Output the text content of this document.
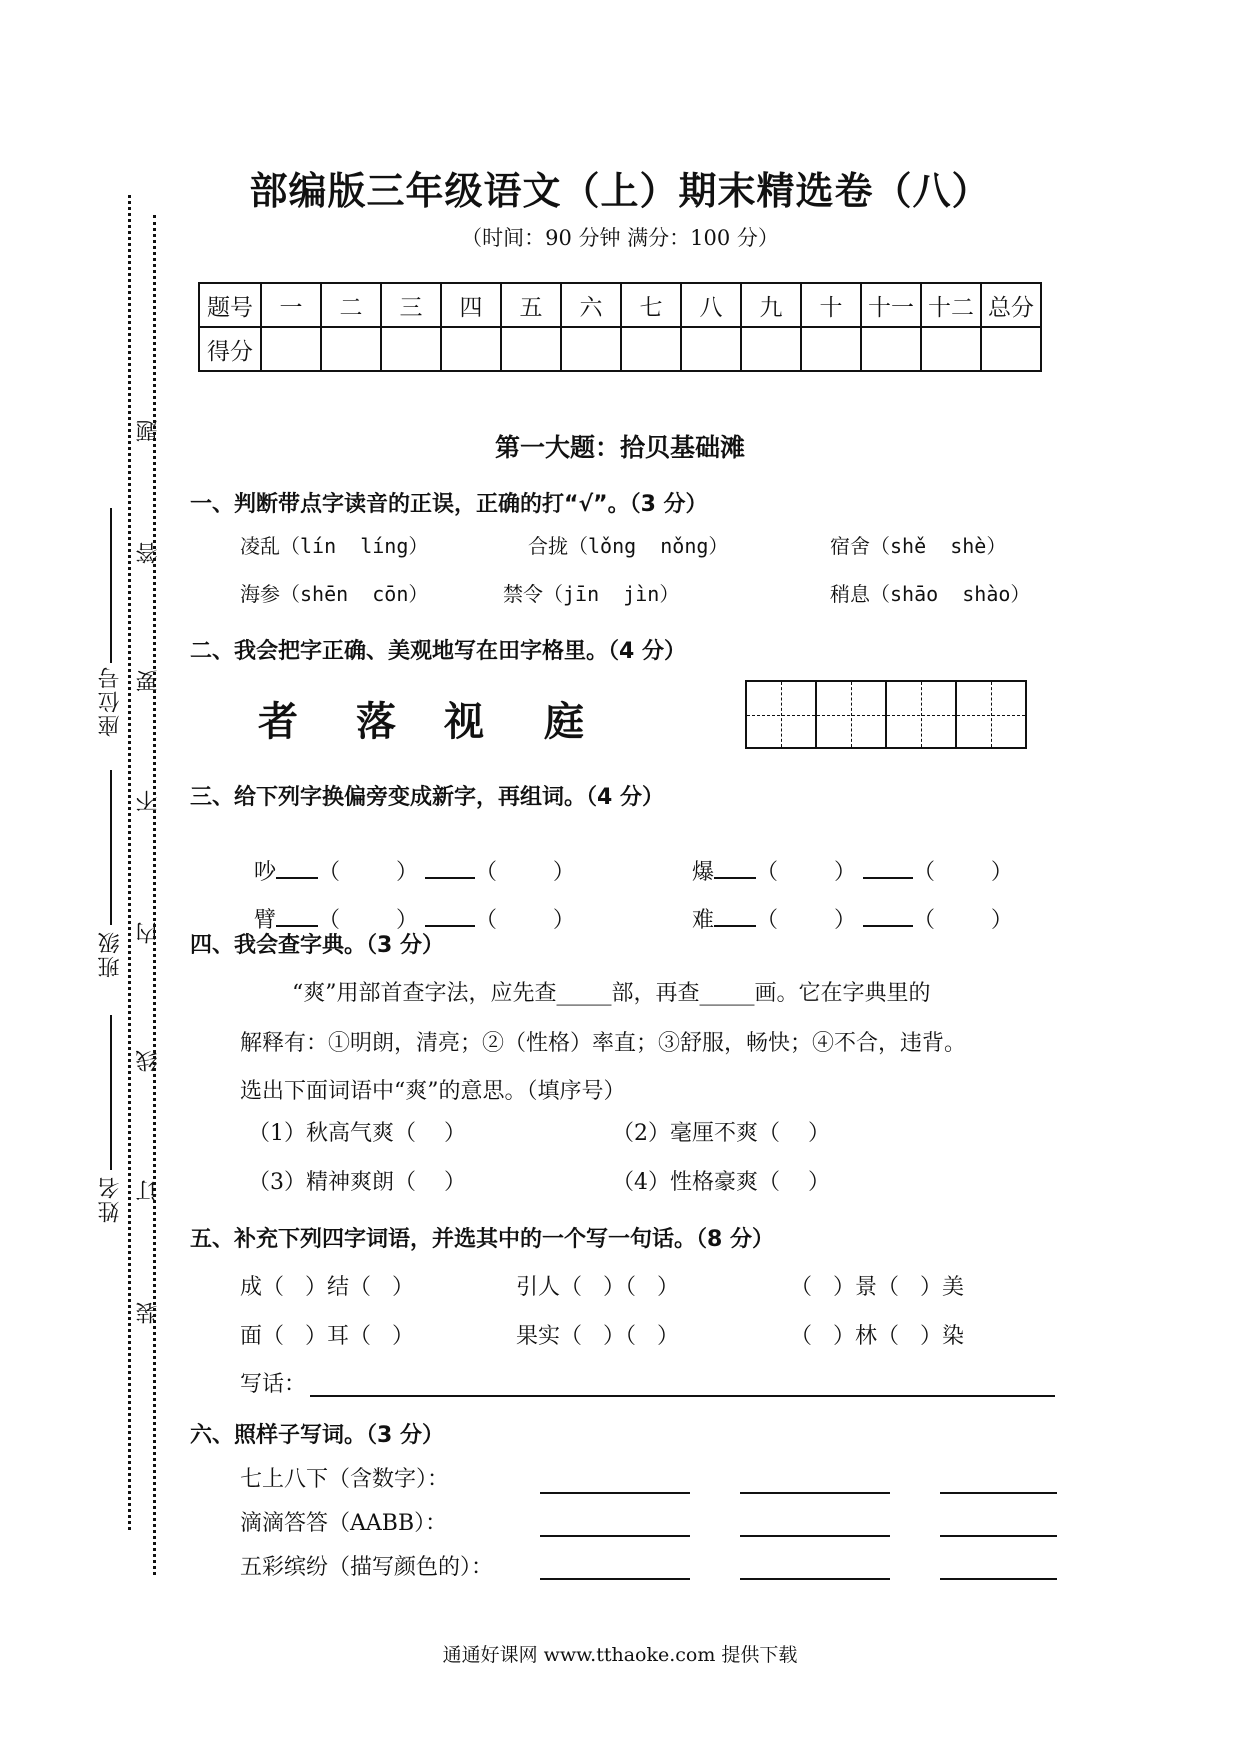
题
答
要
不
内
线
订
装
座位号
班级
姓名
部编版三年级语文（上）期末精选卷（八）
（时间：90 分钟 满分：100 分）
题号	一	二	三	四	五	六	七	八	九	十	十一	十二	总分
得分													
第一大题：拾贝基础滩
一、判断带点字读音的正误，正确的打“√”。（3 分）
凌乱（lín  líng）	合拢（lǒng  nǒng）	宿舍（shě  shè）
海参（shēn  cōn）	禁令（jīn  jìn）	稍息（shāo  shào）
二、我会把字正确、美观地写在田字格里。（4 分）
者 落 视 庭
三、给下列字换偏旁变成新字，再组词。（4 分）

吵 （        ） （        ）	爆 （        ） （        ）

臂 （        ） （        ）	难 （        ） （        ）

四、我会查字典。（3 分）
“爽”用部首查字法，应先查_____部，再查_____画。它在字典里的
解释有：①明朗，清亮；②（性格）率直；③舒服，畅快；④不合，违背。
选出下面词语中“爽”的意思。（填序号）
（1）秋高气爽（    ）	（2）毫厘不爽（    ）
（3）精神爽朗（    ）	（4）性格豪爽（    ）
五、补充下列四字词语，并选其中的一个写一句话。（8 分）
成（   ）结（   ）	引人（   ）（   ）	（   ）景（   ）美
面（   ）耳（   ）	果实（   ）（   ）	（   ）林（   ）染
写话：
六、照样子写词。（3 分）
七上八下（含数字）：
滴滴答答（AABB）：
五彩缤纷（描写颜色的）：
通通好课网 www.tthaoke.com 提供下载
